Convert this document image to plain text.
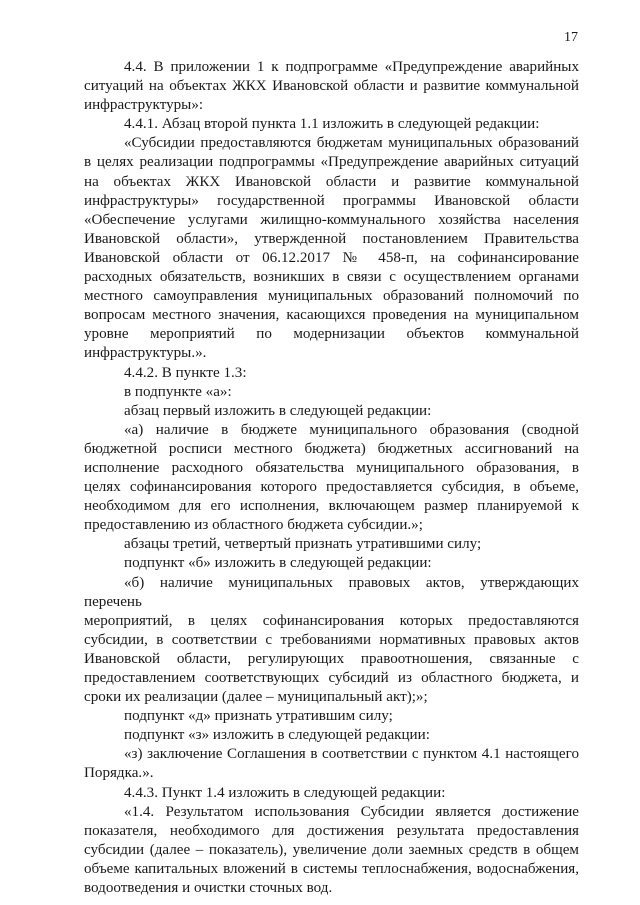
17
4.4. В приложении 1 к подпрограмме «Предупреждение аварийных
ситуаций на объектах ЖКХ Ивановской области и развитие коммунальной
инфраструктуры»:
4.4.1. Абзац второй пункта 1.1 изложить в следующей редакции:
«Субсидии предоставляются бюджетам муниципальных образований
в целях реализации подпрограммы «Предупреждение аварийных ситуаций
на объектах ЖКХ Ивановской области и развитие коммунальной
инфраструктуры» государственной программы Ивановской области
«Обеспечение услугами жилищно-коммунального хозяйства населения
Ивановской области», утвержденной постановлением Правительства
Ивановской области от 06.12.2017 № 458-п, на софинансирование
расходных обязательств, возникших в связи с осуществлением органами
местного самоуправления муниципальных образований полномочий по
вопросам местного значения, касающихся проведения на муниципальном
уровне мероприятий по модернизации объектов коммунальной
инфраструктуры.».
4.4.2. В пункте 1.3:
в подпункте «а»:
абзац первый изложить в следующей редакции:
«а) наличие в бюджете муниципального образования (сводной
бюджетной росписи местного бюджета) бюджетных ассигнований на
исполнение расходного обязательства муниципального образования, в
целях софинансирования которого предоставляется субсидия, в объеме,
необходимом для его исполнения, включающем размер планируемой к
предоставлению из областного бюджета субсидии.»;
абзацы третий, четвертый признать утратившими силу;
подпункт «б» изложить в следующей редакции:
«б) наличие муниципальных правовых актов, утверждающих перечень
мероприятий, в целях софинансирования которых предоставляются
субсидии, в соответствии с требованиями нормативных правовых актов
Ивановской области, регулирующих правоотношения, связанные с
предоставлением соответствующих субсидий из областного бюджета, и
сроки их реализации (далее – муниципальный акт);»;
подпункт «д» признать утратившим силу;
подпункт «з» изложить в следующей редакции:
«з) заключение Соглашения в соответствии с пунктом 4.1 настоящего
Порядка.».
4.4.3. Пункт 1.4 изложить в следующей редакции:
«1.4. Результатом использования Субсидии является достижение
показателя, необходимого для достижения результата предоставления
субсидии (далее – показатель), увеличение доли заемных средств в общем
объеме капитальных вложений в системы теплоснабжения, водоснабжения,
водоотведения и очистки сточных вод.
